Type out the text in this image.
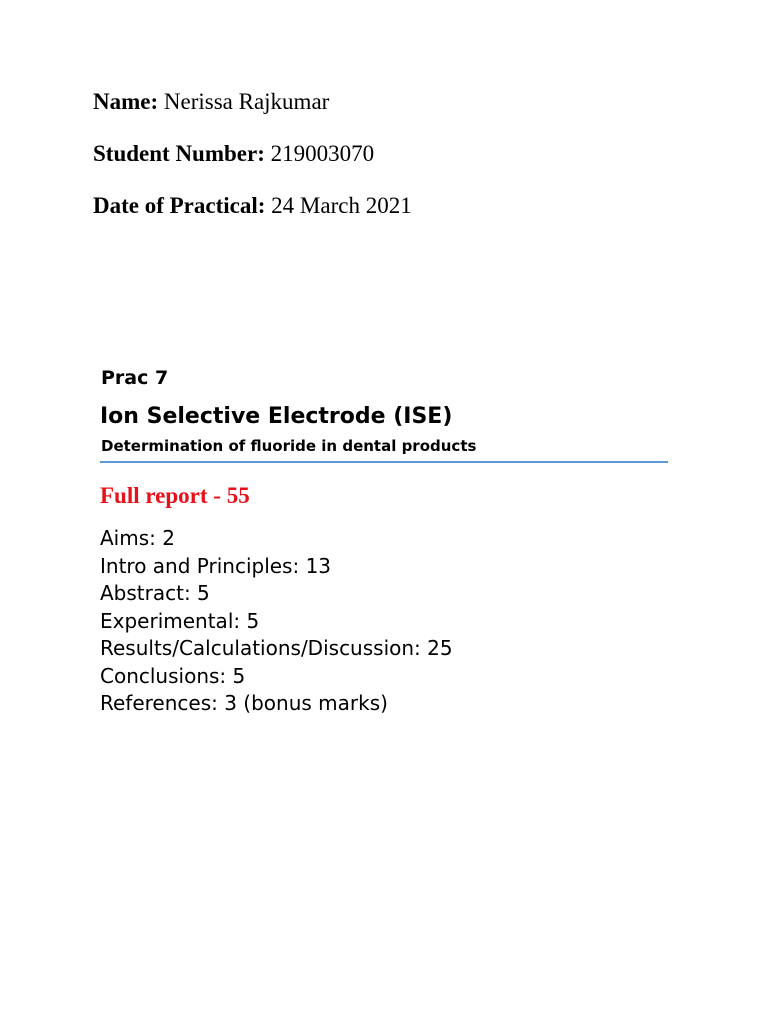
Name: Nerissa Rajkumar
Student Number: 219003070
Date of Practical: 24 March 2021
Prac 7
Ion Selective Electrode (ISE)
Determination of fluoride in dental products
Full report - 55
Aims: 2
Intro and Principles: 13
Abstract: 5
Experimental: 5
Results/Calculations/Discussion: 25
Conclusions: 5
References: 3 (bonus marks)
